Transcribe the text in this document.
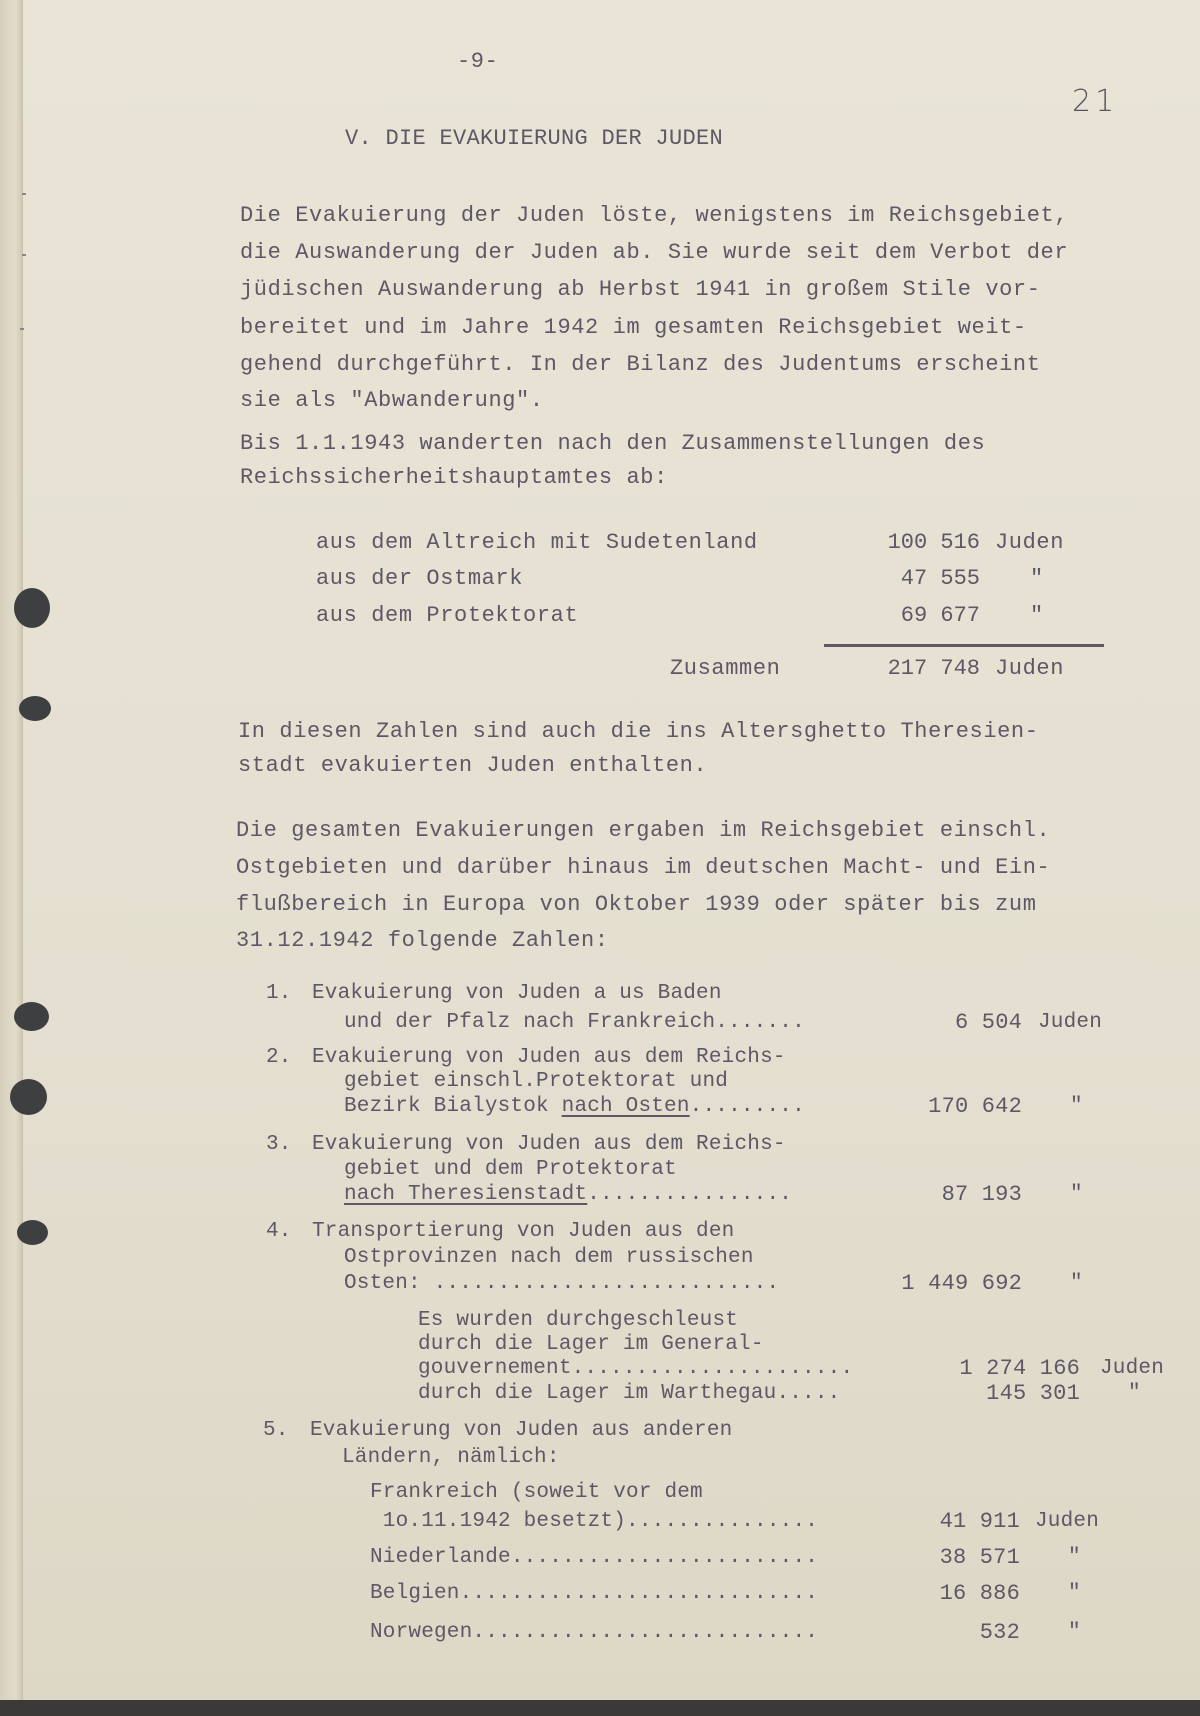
-9-
21
V. DIE EVAKUIERUNG DER JUDEN
Die Evakuierung der Juden löste, wenigstens im Reichsgebiet,
die Auswanderung der Juden ab. Sie wurde seit dem Verbot der
jüdischen Auswanderung ab Herbst 1941 in großem Stile vor-
bereitet und im Jahre 1942 im gesamten Reichsgebiet weit-
gehend durchgeführt. In der Bilanz des Judentums erscheint
sie als "Abwanderung".
Bis 1.1.1943 wanderten nach den Zusammenstellungen des
Reichssicherheitshauptamtes ab:
aus dem Altreich mit Sudetenland	100 516 Juden
aus der Ostmark	47 555 "
aus dem Protektorat	69 677 "
Zusammen	217 748 Juden
In diesen Zahlen sind auch die ins Altersghetto Theresien-
stadt evakuierten Juden enthalten.
Die gesamten Evakuierungen ergaben im Reichsgebiet einschl.
Ostgebieten und darüber hinaus im deutschen Macht- und Ein-
flußbereich in Europa von Oktober 1939 oder später bis zum
31.12.1942 folgende Zahlen:
1. Evakuierung von Juden a us Baden
und der Pfalz nach Frankreich.......	6 504 Juden
2. Evakuierung von Juden aus dem Reichs-
gebiet einschl.Protektorat und
Bezirk Bialystok nach Osten.........	170 642 "
3. Evakuierung von Juden aus dem Reichs-
gebiet und dem Protektorat
nach Theresienstadt................	87 193 "
4. Transportierung von Juden aus den
Ostprovinzen nach dem russischen
Osten: ...........................	1 449 692 "
Es wurden durchgeschleust
durch die Lager im General-
gouvernement......................	1 274 166 Juden
durch die Lager im Warthegau.....	145 301 "
5. Evakuierung von Juden aus anderen
Ländern, nämlich:
Frankreich (soweit vor dem
1o.11.1942 besetzt)...............	41 911 Juden
Niederlande........................	38 571 "
Belgien............................	16 886 "
Norwegen...........................	532 "
